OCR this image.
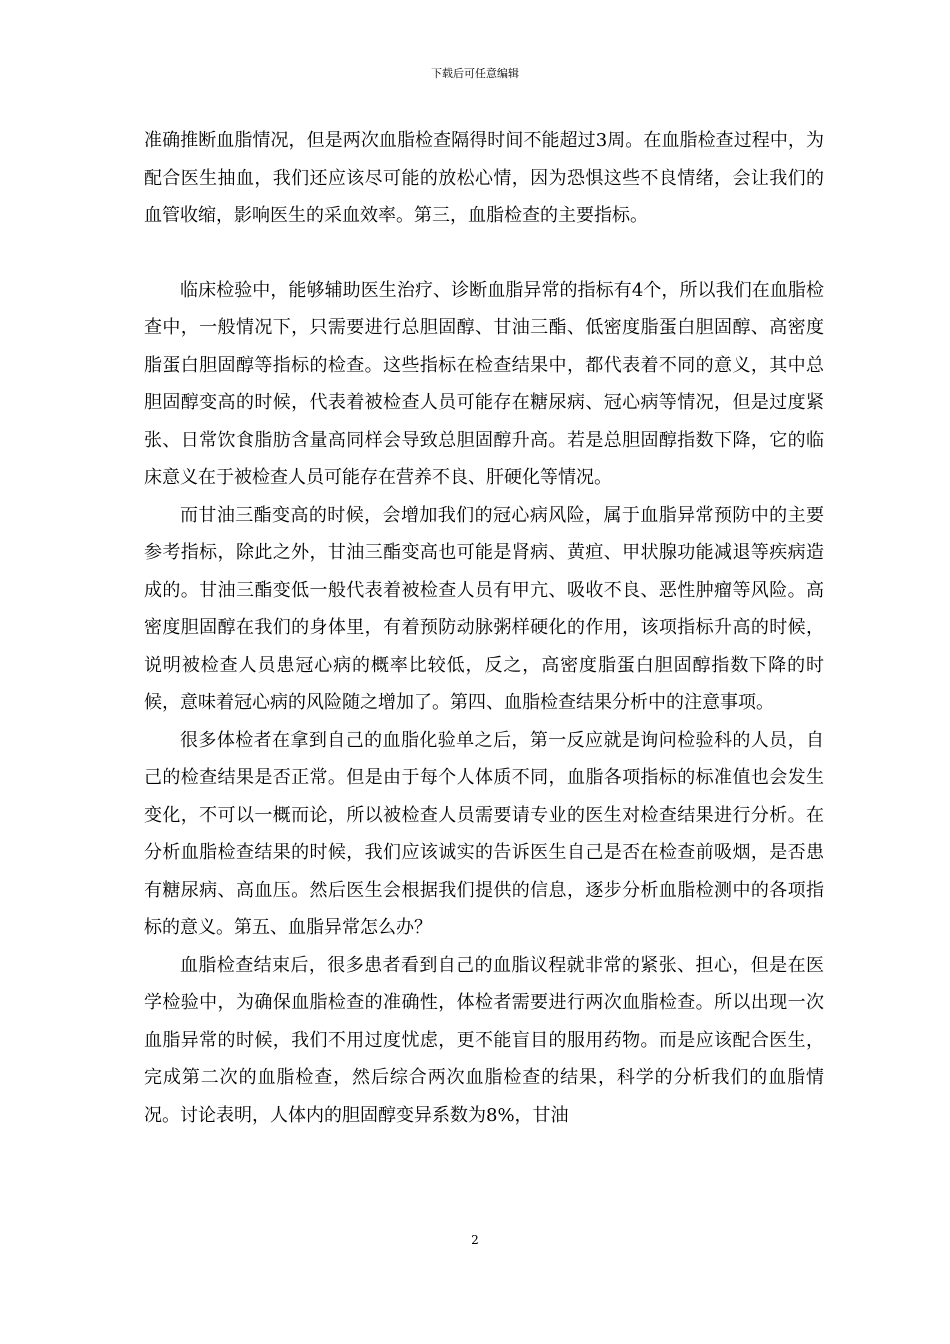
下载后可任意编辑

准确推断血脂情况，但是两次血脂检查隔得时间不能超过3周。在血脂检查过程中，为配合医生抽血，我们还应该尽可能的放松心情，因为恐惧这些不良情绪，会让我们的血管收缩，影响医生的采血效率。第三，血脂检查的主要指标。

临床检验中，能够辅助医生治疗、诊断血脂异常的指标有4个，所以我们在血脂检查中，一般情况下，只需要进行总胆固醇、甘油三酯、低密度脂蛋白胆固醇、高密度脂蛋白胆固醇等指标的检查。这些指标在检查结果中，都代表着不同的意义，其中总胆固醇变高的时候，代表着被检查人员可能存在糖尿病、冠心病等情况，但是过度紧张、日常饮食脂肪含量高同样会导致总胆固醇升高。若是总胆固醇指数下降，它的临床意义在于被检查人员可能存在营养不良、肝硬化等情况。

而甘油三酯变高的时候，会增加我们的冠心病风险，属于血脂异常预防中的主要参考指标，除此之外，甘油三酯变高也可能是肾病、黄疸、甲状腺功能减退等疾病造成的。甘油三酯变低一般代表着被检查人员有甲亢、吸收不良、恶性肿瘤等风险。高密度胆固醇在我们的身体里，有着预防动脉粥样硬化的作用，该项指标升高的时候，说明被检查人员患冠心病的概率比较低，反之，高密度脂蛋白胆固醇指数下降的时候，意味着冠心病的风险随之增加了。第四、血脂检查结果分析中的注意事项。

很多体检者在拿到自己的血脂化验单之后，第一反应就是询问检验科的人员，自己的检查结果是否正常。但是由于每个人体质不同，血脂各项指标的标准值也会发生变化，不可以一概而论，所以被检查人员需要请专业的医生对检查结果进行分析。在分析血脂检查结果的时候，我们应该诚实的告诉医生自己是否在检查前吸烟，是否患有糖尿病、高血压。然后医生会根据我们提供的信息，逐步分析血脂检测中的各项指标的意义。第五、血脂异常怎么办？

血脂检查结束后，很多患者看到自己的血脂议程就非常的紧张、担心，但是在医学检验中，为确保血脂检查的准确性，体检者需要进行两次血脂检查。所以出现一次血脂异常的时候，我们不用过度忧虑，更不能盲目的服用药物。而是应该配合医生，完成第二次的血脂检查，然后综合两次血脂检查的结果，科学的分析我们的血脂情况。讨论表明，人体内的胆固醇变异系数为8%，甘油

2
